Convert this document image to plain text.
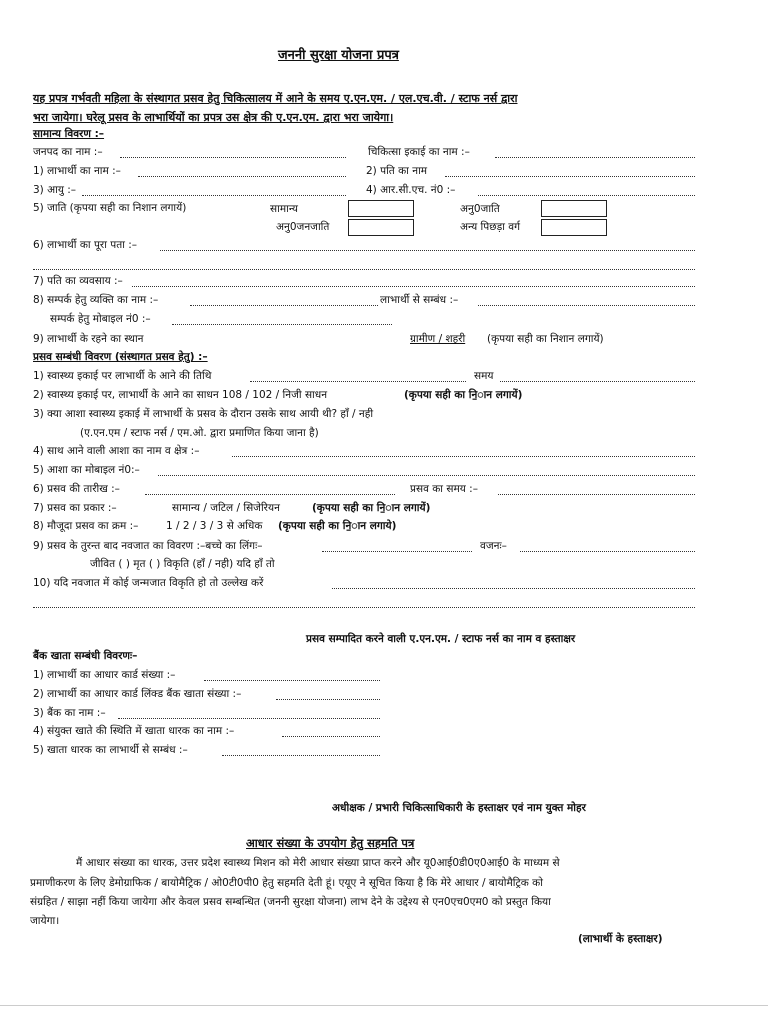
जननी सुरक्षा योजना प्रपत्र
यह प्रपत्र गर्भवती महिला के संस्थागत प्रसव हेतु चिकित्सालय में आने के समय ए.एन.एम. / एल.एच.वी. / स्टाफ नर्स द्वारा
भरा जायेगा। घरेलू प्रसव के लाभार्थियों का प्रपत्र उस क्षेत्र की ए.एन.एम. द्वारा भरा जायेगा।
सामान्य विवरण :–
जनपद का नाम :–	चिकित्सा इकाई का नाम :–
1) लाभार्थी का नाम :–	2) पति का नाम
3) आयु :–	4) आर.सी.एच. नं0 :–
5) जाति (कृपया सही का निशान लगायें)	सामान्य	अनु0जाति
अनु0जनजाति	अन्य पिछड़ा वर्ग
6) लाभार्थी का पूरा पता :–
7) पति का व्यवसाय :–
8) सम्पर्क हेतु व्यक्ति का नाम :–	लाभार्थी से सम्बंध :–
सम्पर्क हेतु मोबाइल नं0 :–
9) लाभार्थी के रहने का स्थान	ग्रामीण / शहरी (कृपया सही का निशान लगायें)
प्रसव सम्बंधी विवरण (संस्थागत प्रसव हेतु) :–
1) स्वास्थ्य इकाई पर लाभार्थी के आने की तिथि	समय
2) स्वास्थ्य इकाई पर, लाभार्थी के आने का साधन 108 / 102 / निजी साधन	(कृपया सही का नि॒ान लगायें)
3) क्या आशा स्वास्थ्य इकाई में लाभार्थी के प्रसव के दौरान उसके साथ आयी थी? हाँ / नही
(ए.एन.एम / स्टाफ नर्स / एम.ओ. द्वारा प्रमाणित किया जाना है)
4) साथ आने वाली आशा का नाम व क्षेत्र :–
5) आशा का मोबाइल नं0:–
6) प्रसव की तारीख :–	प्रसव का समय :–
7) प्रसव का प्रकार :–	सामान्य / जटिल / सिजेरियन	(कृपया सही का नि॒ान लगायें)
8) मौजूदा प्रसव का क्रम :–	1 / 2 / 3 / 3 से अधिक (कृपया सही का नि॒ान लगाये)
9) प्रसव के तुरन्त बाद नवजात का विवरण :–बच्चे का लिंगः–	वजनः–
जीवित ( ) मृत ( ) विकृति (हाँ / नही) यदि हाँ तो
10) यदि नवजात में कोई जन्मजात विकृति हो तो उल्लेख करें
प्रसव सम्पादित करने वाली ए.एन.एम. / स्टाफ नर्स का नाम व हस्ताक्षर
बैंक खाता सम्बंधी विवरणः–
1) लाभार्थी का आधार कार्ड संख्या :–
2) लाभार्थी का आधार कार्ड लिंक्ड बैंक खाता संख्या :–
3) बैंक का नाम :–
4) संयुक्त खाते की स्थिति में खाता धारक का नाम :–
5) खाता धारक का लाभार्थी से सम्बंध :–
अधीक्षक / प्रभारी चिकित्साधिकारी के हस्ताक्षर एवं नाम युक्त मोहर
आधार संख्या के उपयोग हेतु सहमति पत्र
मैं आधार संख्या का धारक, उत्तर प्रदेश स्वास्थ्य मिशन को मेरी आधार संख्या प्राप्त करने और यू0आई0डी0ए0आई0 के माध्यम से
प्रमाणीकरण के लिए डेमोग्राफिक / बायोमैट्रिक / ओ0टी0पी0 हेतु सहमति देती हूं। एयूए ने सूचित किया है कि मेरे आधार / बायोमैट्रिक को
संग्रहित / साझा नहीं किया जायेगा और केवल प्रसव सम्बन्धित (जननी सुरक्षा योजना) लाभ देने के उद्देश्य से एन0एच0एम0 को प्रस्तुत किया
जायेगा।
(लाभार्थी के हस्ताक्षर)
